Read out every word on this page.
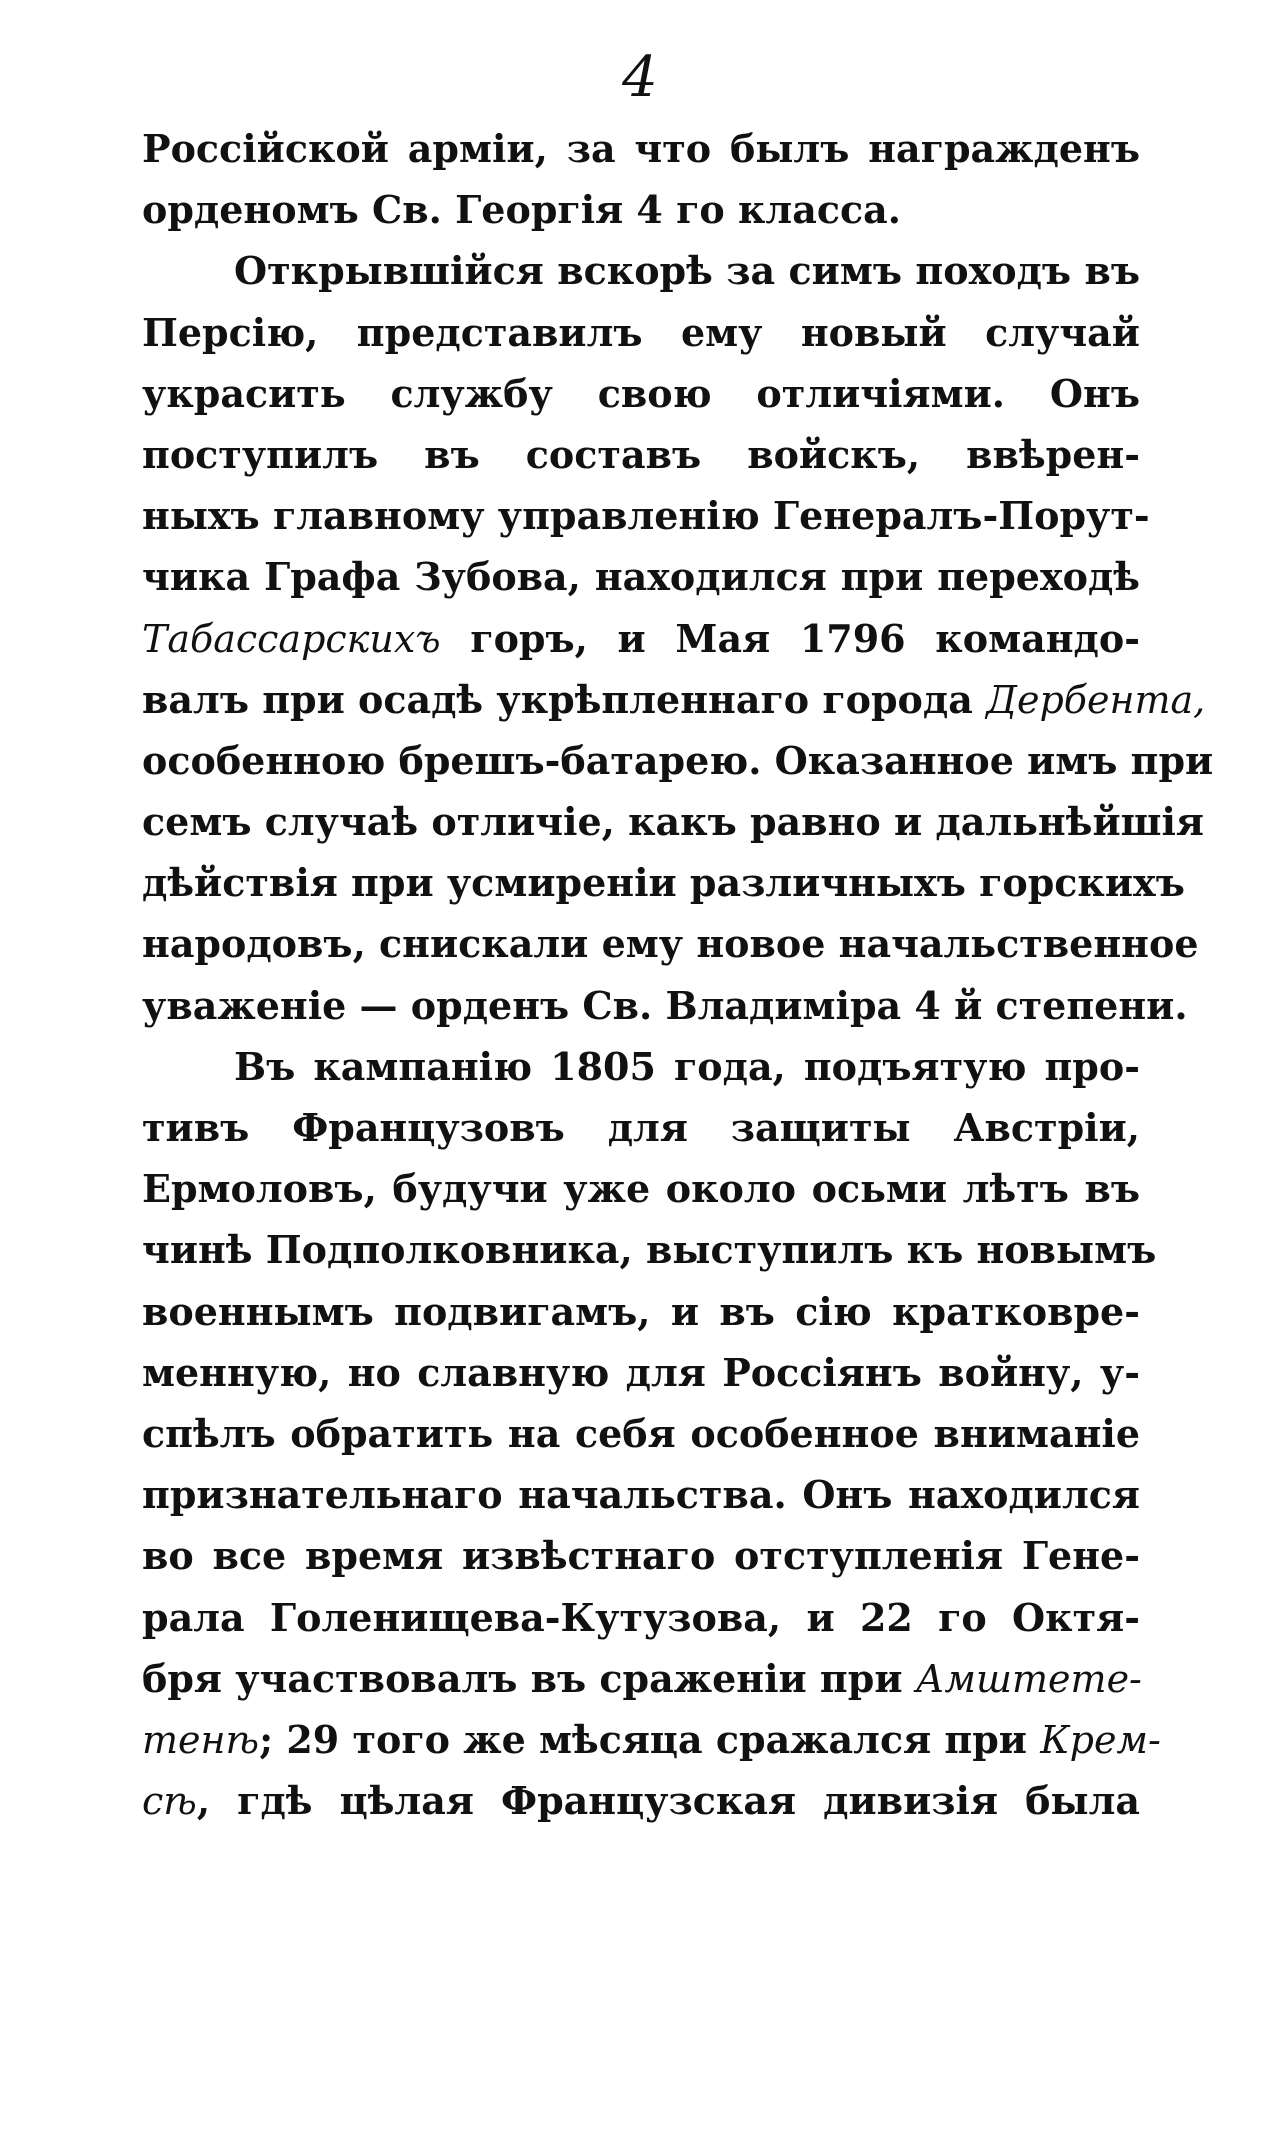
4
Россійской арміи, за что былъ награжденъ
орденомъ Св. Георгія 4 го класса.
Открывшійся вскорѣ за симъ походъ въ
Персію, представилъ ему новый случай
украсить службу свою отличіями. Онъ
поступилъ въ составъ войскъ, ввѣрен-
ныхъ главному управленію Генералъ-Порут-
чика Графа Зубова, находился при переходѣ
Табассарскихъ горъ, и Мая 1796 командо-
валъ при осадѣ укрѣпленнаго города Дербента,
особенною брешъ-батарею. Оказанное имъ при
семъ случаѣ отличіе, какъ равно и дальнѣйшія
дѣйствія при усмиреніи различныхъ горскихъ
народовъ, снискали ему новое начальственное
уваженіе — орденъ Св. Владиміра 4 й степени.
Въ кампанію 1805 года, подъятую про-
тивъ Французовъ для защиты Австріи,
Ермоловъ, будучи уже около осьми лѣтъ въ
чинѣ Подполковника, выступилъ къ новымъ
военнымъ подвигамъ, и въ сію кратковре-
менную, но славную для Россіянъ войну, у-
спѣлъ обратить на себя особенное вниманіе
признательнаго начальства. Онъ находился
во все время извѣстнаго отступленія Гене-
рала Голенищева-Кутузова, и 22 го Октя-
бря участвовалъ въ сраженіи при Амштете-
тенѣ; 29 того же мѣсяца сражался при Крем-
сѣ, гдѣ цѣлая Французская дивизія была
